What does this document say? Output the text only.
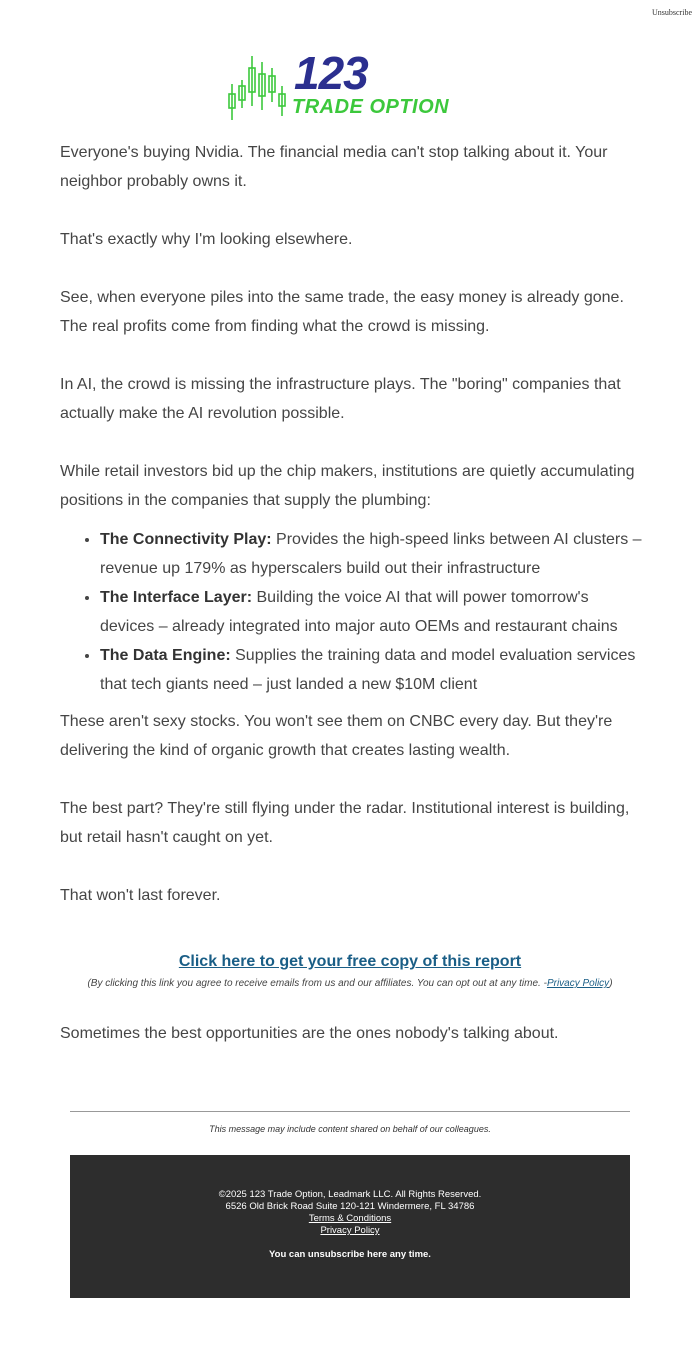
Unsubscribe
123
TRADE OPTION

Everyone's buying Nvidia. The financial media can't stop talking about it. Your neighbor probably owns it.

That's exactly why I'm looking elsewhere.

See, when everyone piles into the same trade, the easy money is already gone. The real profits come from finding what the crowd is missing.

In AI, the crowd is missing the infrastructure plays. The "boring" companies that actually make the AI revolution possible.

While retail investors bid up the chip makers, institutions are quietly accumulating positions in the companies that supply the plumbing:

• The Connectivity Play: Provides the high-speed links between AI clusters – revenue up 179% as hyperscalers build out their infrastructure
• The Interface Layer: Building the voice AI that will power tomorrow's devices – already integrated into major auto OEMs and restaurant chains
• The Data Engine: Supplies the training data and model evaluation services that tech giants need – just landed a new $10M client

These aren't sexy stocks. You won't see them on CNBC every day. But they're delivering the kind of organic growth that creates lasting wealth.

The best part? They're still flying under the radar. Institutional interest is building, but retail hasn't caught on yet.

That won't last forever.

Click here to get your free copy of this report
(By clicking this link you agree to receive emails from us and our affiliates. You can opt out at any time. -Privacy Policy)
Sometimes the best opportunities are the ones nobody's talking about.
This message may include content shared on behalf of our colleagues.
©2025 123 Trade Option, Leadmark LLC. All Rights Reserved.
6526 Old Brick Road Suite 120-121 Windermere, FL 34786
Terms & Conditions
Privacy Policy
You can unsubscribe here any time.
